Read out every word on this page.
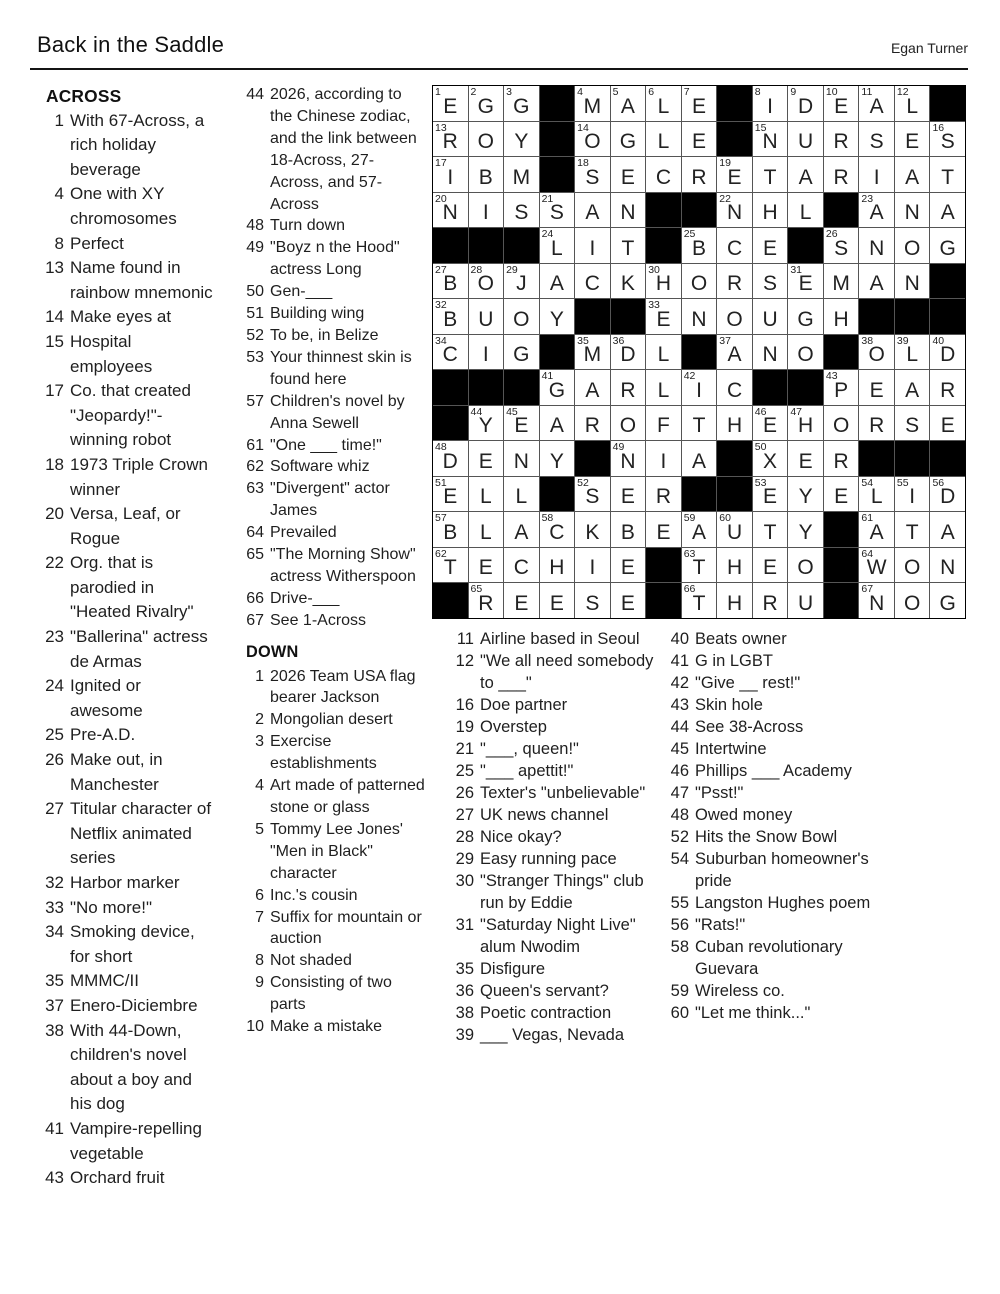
Back in the Saddle	Egan Turner
1
E
2
G
3
G
4
M
5
A
6
L
7
E
8
I
9
D
10
E
11
A
12
L
13
R O Y
14
O G	L	E
15
N U R S	E
16
S
17
I	B M
18
S	E C R
19
E	T	A R	I	A	T
20
N	I	S
21
S	A N
22
N H	L
23
A N A
24
L	I	T
25
B C E
26
S N O G
27
B
28
O
29
J	A C K
30
H O R S
31
E M A N
32
B U O Y
33
E N O U G H
34
C	I	G
35
M
36
D	L
37
A N O
38
O
39
L
40
D
41
G A R	L
42
I	C
43
P	E	A R
44
Y
45
E	A R O F	T	H
46
E
47
H O R S	E
48
D E N Y
49
N	I	A
50
X	E R
51
E	L	L
52
S	E R
53
E	Y	E
54
L
55
I
56
D
57
B	L	A
58
C K	B	E
59
A
60
U	T	Y
61
A	T	A
62
T	E C H	I	E
63
T	H E O
64
W O N
65
R E	E	S	E
66
T	H R U
67
N O G
ACROSS
1 With 67-Across, a rich holiday beverage
4 One with XY chromosomes
8 Perfect
13 Name found in rainbow mnemonic
14 Make eyes at
15 Hospital employees
17 Co. that created "Jeopardy!"-winning robot
18 1973 Triple Crown winner
20 Versa, Leaf, or Rogue
22 Org. that is parodied in "Heated Rivalry"
23 "Ballerina" actress de Armas
24 Ignited or awesome
25 Pre-A.D.
26 Make out, in Manchester
27 Titular character of Netflix animated series
32 Harbor marker
33 "No more!"
34 Smoking device, for short
35 MMMC/II
37 Enero-Diciembre
38 With 44-Down, children's novel about a boy and his dog
41 Vampire-repelling vegetable
43 Orchard fruit
44 2026, according to the Chinese zodiac, and the link between 18-Across, 27-Across, and 57-Across
48 Turn down
49 "Boyz n the Hood" actress Long
50 Gen-___
51 Building wing
52 To be, in Belize
53 Your thinnest skin is found here
57 Children's novel by Anna Sewell
61 "One ___ time!"
62 Software whiz
63 "Divergent" actor James
64 Prevailed
65 "The Morning Show" actress Witherspoon
66 Drive-___
67 See 1-Across
DOWN
1 2026 Team USA flag bearer Jackson
2 Mongolian desert
3 Exercise establishments
4 Art made of patterned stone or glass
5 Tommy Lee Jones' "Men in Black" character
6 Inc.'s cousin
7 Suffix for mountain or auction
8 Not shaded
9 Consisting of two parts
10 Make a mistake
11 Airline based in Seoul
12 "We all need somebody to ___"
16 Doe partner
19 Overstep
21 "___, queen!"
25 "___ apettit!"
26 Texter's "unbelievable"
27 UK news channel
28 Nice okay?
29 Easy running pace
30 "Stranger Things" club run by Eddie
31 "Saturday Night Live" alum Nwodim
35 Disfigure
36 Queen's servant?
38 Poetic contraction
39 ___ Vegas, Nevada
40 Beats owner
41 G in LGBT
42 "Give __ rest!"
43 Skin hole
44 See 38-Across
45 Intertwine
46 Phillips ___ Academy
47 "Psst!"
48 Owed money
52 Hits the Snow Bowl
54 Suburban homeowner's pride
55 Langston Hughes poem
56 "Rats!"
58 Cuban revolutionary Guevara
59 Wireless co.
60 "Let me think..."
